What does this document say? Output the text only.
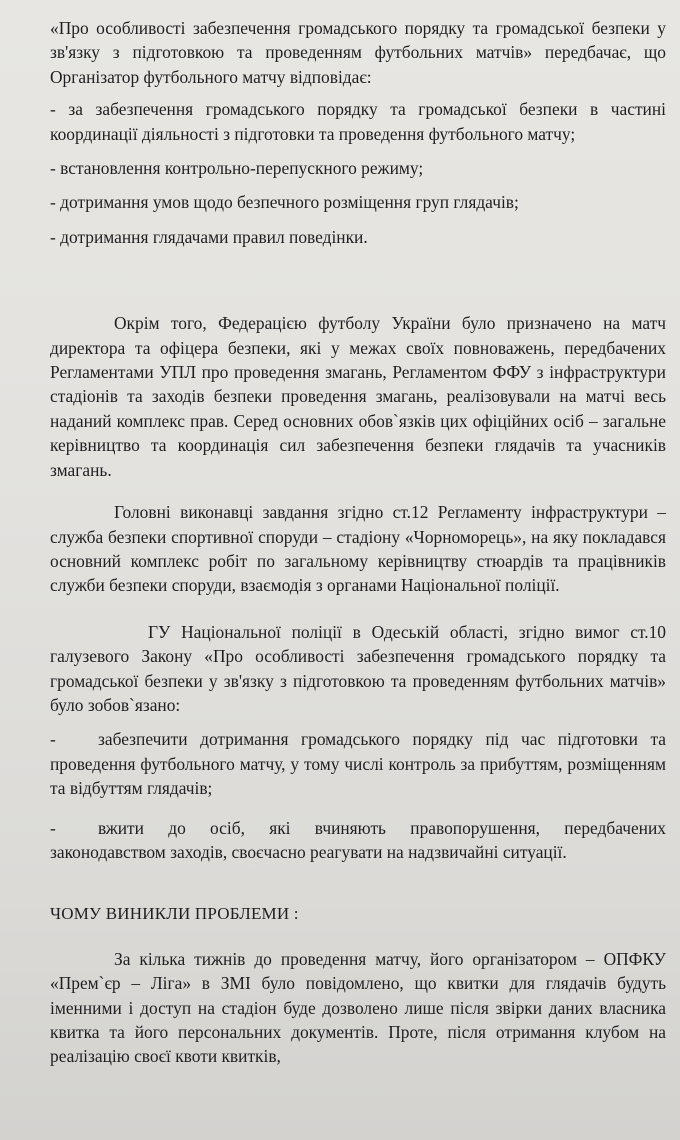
«Про особливості забезпечення громадського порядку та громадської безпеки у зв'язку з підготовкою та проведенням футбольних матчів» передбачає, що Організатор футбольного матчу відповідає:

- за забезпечення громадського порядку та громадської безпеки в частині координації діяльності з підготовки та проведення футбольного матчу;

- встановлення контрольно-перепускного режиму;

- дотримання умов щодо безпечного розміщення груп глядачів;

- дотримання глядачами правил поведінки.

Окрім того, Федерацією футболу України було призначено на матч директора та офіцера безпеки, які у межах своїх повноважень, передбачених Регламентами УПЛ про проведення змагань, Регламентом ФФУ з інфраструктури стадіонів та заходів безпеки проведення змагань, реалізовували на матчі весь наданий комплекс прав. Серед основних обов`язків цих офіційних осіб – загальне керівництво та координація сил забезпечення безпеки глядачів та учасників змагань.

Головні виконавці завдання згідно ст.12 Регламенту інфраструктури – служба безпеки спортивної споруди – стадіону «Чорноморець», на яку покладався основний комплекс робіт по загальному керівництву стюардів та працівників служби безпеки споруди, взаємодія з органами Національної поліції.

ГУ Національної поліції в Одеській області, згідно вимог ст.10 галузевого Закону «Про особливості забезпечення громадського порядку та громадської безпеки у зв'язку з підготовкою та проведенням футбольних матчів» було зобов`язано:

- забезпечити дотримання громадського порядку під час підготовки та проведення футбольного матчу, у тому числі контроль за прибуттям, розміщенням та відбуттям глядачів;

- вжити до осіб, які вчиняють правопорушення, передбачених законодавством заходів, своєчасно реагувати на надзвичайні ситуації.

ЧОМУ ВИНИКЛИ ПРОБЛЕМИ :

За кілька тижнів до проведення матчу, його організатором – ОПФКУ «Прем`єр – Ліга» в ЗМІ було повідомлено, що квитки для глядачів будуть іменними і доступ на стадіон буде дозволено лише після звірки даних власника квитка та його персональних документів. Проте, після отримання клубом на реалізацію своєї квоти квитків,
